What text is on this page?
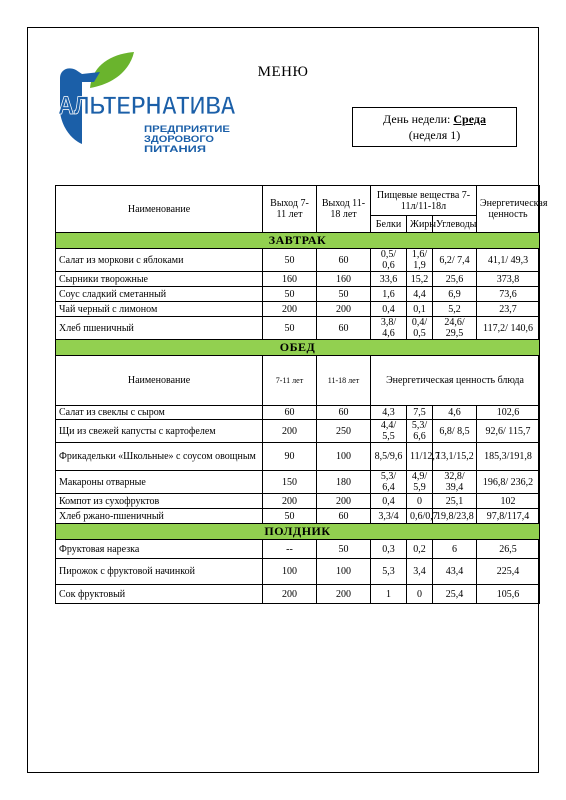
АЛЬТЕРНАТИВА
ПРЕДПРИЯТИЕ
ЗДОРОВОГО
ПИТАНИЯ
МЕНЮ
День недели: Среда
(неделя 1)
Наименование	Выход 7-11 лет	Выход 11-18 лет	Пищевые вещества 7-11л/11-18л			Энергетическая ценность
			Белки	Жиры	Углеводы	
ЗАВТРАК						
Салат из моркови с яблоками	50	60	0,5/ 0,6	1,6/ 1,9	6,2/ 7,4	41,1/ 49,3
Сырники творожные	160	160	33,6	15,2	25,6	373,8
Соус сладкий сметанный	50	50	1,6	4,4	6,9	73,6
Чай черный с лимоном	200	200	0,4	0,1	5,2	23,7
Хлеб пшеничный	50	60	3,8/ 4,6	0,4/ 0,5	24,6/ 29,5	117,2/ 140,6
ОБЕД						
Наименование	7-11 лет	11-18 лет	Энергетическая ценность блюда			
Салат из свеклы с сыром	60	60	4,3	7,5	4,6	102,6
Щи из свежей капусты с картофелем	200	250	4,4/ 5,5	5,3/ 6,6	6,8/ 8,5	92,6/ 115,7
Фрикадельки «Школьные» с соусом овощным	90	100	8,5/9,6	11/12,7	13,1/15,2	185,3/191,8
Макароны отварные	150	180	5,3/ 6,4	4,9/ 5,9	32,8/ 39,4	196,8/ 236,2
Компот из сухофруктов	200	200	0,4	0	25,1	102
Хлеб ржано-пшеничный	50	60	3,3/4	0,6/0,7	19,8/23,8	97,8/117,4
ПОЛДНИК						
Фруктовая нарезка	--	50	0,3	0,2	6	26,5
Пирожок с фруктовой начинкой	100	100	5,3	3,4	43,4	225,4
Сок фруктовый	200	200	1	0	25,4	105,6
